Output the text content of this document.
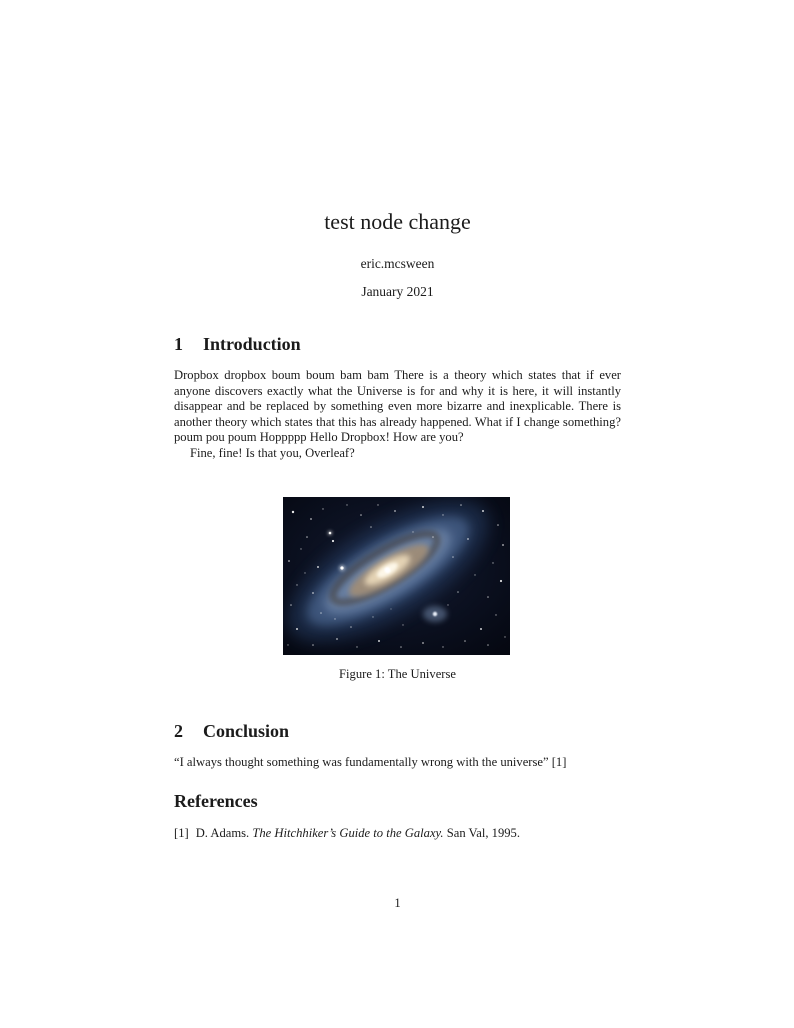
test node change
eric.mcsween
January 2021
1 Introduction

Dropbox dropbox boum boum bam bam There is a theory which states that if ever anyone discovers exactly what the Universe is for and why it is here, it will instantly disappear and be replaced by something even more bizarre and inexplicable. There is another theory which states that this has already happened. What if I change something? poum pou poum Hoppppp Hello Dropbox! How are you?

Fine, fine! Is that you, Overleaf?

Figure 1: The Universe
2 Conclusion
“I always thought something was fundamentally wrong with the universe” [1]
References
[1] D. Adams. The Hitchhiker’s Guide to the Galaxy. San Val, 1995.
1
